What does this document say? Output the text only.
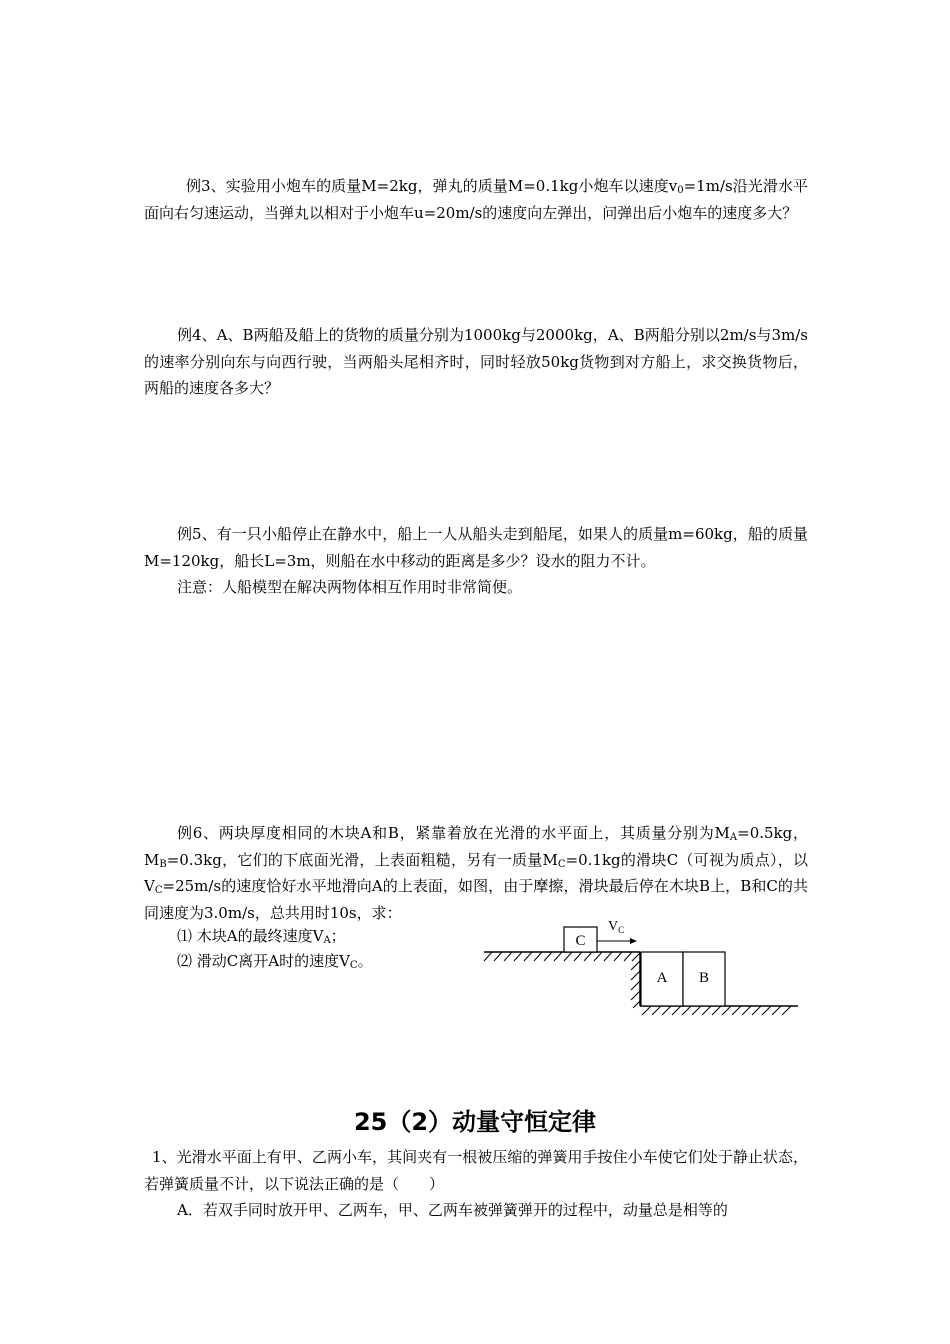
例3、实验用小炮车的质量M=2kg，弹丸的质量M=0.1kg小炮车以速度$v_0=1m/s$沿光滑水平面向右匀速运动，当弹丸以相对于小炮车u=20m/s的速度向左弹出，问弹出后小炮车的速度多大？

例4、A、B两船及船上的货物的质量分别为1000kg与2000kg，A、B两船分别以2m/s与3m/s的速率分别向东与向西行驶，当两船头尾相齐时，同时轻放50kg货物到对方船上，求交换货物后，两船的速度各多大？

例5、有一只小船停止在静水中，船上一人从船头走到船尾，如果人的质量m=60kg，船的质量M=120kg，船长L=3m，则船在水中移动的距离是多少？设水的阻力不计。

注意：人船模型在解决两物体相互作用时非常简便。

例6、两块厚度相同的木块A和B，紧靠着放在光滑的水平面上，其质量分别为$M_A=0.5kg$，$M_B=0.3kg$，它们的下底面光滑，上表面粗糙，另有一质量$M_C=0.1kg$的滑块C（可视为质点），以$V_C=25m/s$的速度恰好水平地滑向A的上表面，如图，由于摩擦，滑块最后停在木块B上，B和C的共同速度为3.0m/s，总共用时10s，求：

⑴ 木块A的最终速度$V_A$；
⑵ 滑动C离开A时的速度$V_C$。
C
$V_C$
A B
25（2）动量守恒定律

1、光滑水平面上有甲、乙两小车，其间夹有一根被压缩的弹簧用手按住小车使它们处于静止状态，若弹簧质量不计，以下说法正确的是（　　）

A．若双手同时放开甲、乙两车，甲、乙两车被弹簧弹开的过程中，动量总是相等的
